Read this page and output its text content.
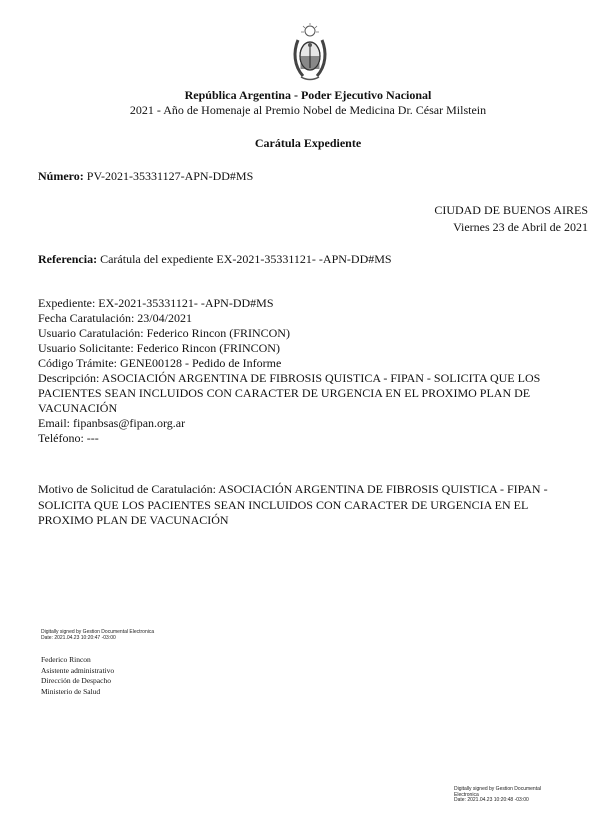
República Argentina - Poder Ejecutivo Nacional
2021 - Año de Homenaje al Premio Nobel de Medicina Dr. César Milstein
Carátula Expediente
Número: PV-2021-35331127-APN-DD#MS
CIUDAD DE BUENOS AIRES
Viernes 23 de Abril de 2021
Referencia: Carátula del expediente EX-2021-35331121- -APN-DD#MS
Expediente: EX-2021-35331121- -APN-DD#MS
Fecha Caratulación: 23/04/2021
Usuario Caratulación: Federico Rincon (FRINCON)
Usuario Solicitante: Federico Rincon (FRINCON)
Código Trámite: GENE00128 - Pedido de Informe
Descripción: ASOCIACIÓN ARGENTINA DE FIBROSIS QUISTICA - FIPAN - SOLICITA QUE LOS PACIENTES SEAN INCLUIDOS CON CARACTER DE URGENCIA EN EL PROXIMO PLAN DE VACUNACIÓN
Email: fipanbsas@fipan.org.ar
Teléfono: ---
Motivo de Solicitud de Caratulación: ASOCIACIÓN ARGENTINA DE FIBROSIS QUISTICA - FIPAN - SOLICITA QUE LOS PACIENTES SEAN INCLUIDOS CON CARACTER DE URGENCIA EN EL PROXIMO PLAN DE VACUNACIÓN
Digitally signed by Gestion Documental Electronica
Date: 2021.04.23 10:20:47 -03:00
Federico Rincon
Asistente administrativo
Dirección de Despacho
Ministerio de Salud
Digitally signed by Gestion Documental
Electronica
Date: 2021.04.23 10:20:48 -03:00
